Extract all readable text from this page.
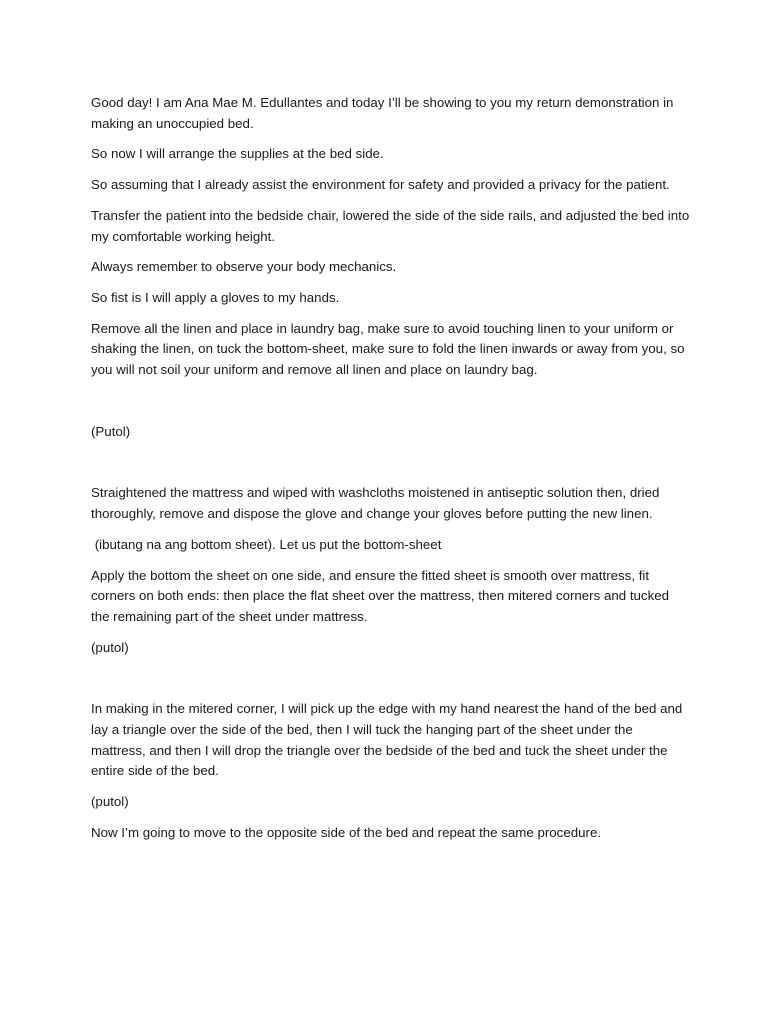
Good day! I am Ana Mae M. Edullantes and today I’ll be showing to you my return demonstration in making an unoccupied bed.

So now I will arrange the supplies at the bed side.

So assuming that I already assist the environment for safety and provided a privacy for the patient.

Transfer the patient into the bedside chair, lowered the side of the side rails, and adjusted the bed into my comfortable working height.

Always remember to observe your body mechanics.

So fist is I will apply a gloves to my hands.

Remove all the linen and place in laundry bag, make sure to avoid touching linen to your uniform or shaking the linen, on tuck the bottom-sheet, make sure to fold the linen inwards or away from you, so you will not soil your uniform and remove all linen and place on laundry bag.

(Putol)

Straightened the mattress and wiped with washcloths moistened in antiseptic solution then, dried thoroughly, remove and dispose the glove and change your gloves before putting the new linen.

(ibutang na ang bottom sheet). Let us put the bottom-sheet

Apply the bottom the sheet on one side, and ensure the fitted sheet is smooth over mattress, fit corners on both ends: then place the flat sheet over the mattress, then mitered corners and tucked the remaining part of the sheet under mattress.

(putol)

In making in the mitered corner, I will pick up the edge with my hand nearest the hand of the bed and lay a triangle over the side of the bed, then I will tuck the hanging part of the sheet under the mattress, and then I will drop the triangle over the bedside of the bed and tuck the sheet under the entire side of the bed.

(putol)

Now I’m going to move to the opposite side of the bed and repeat the same procedure.
